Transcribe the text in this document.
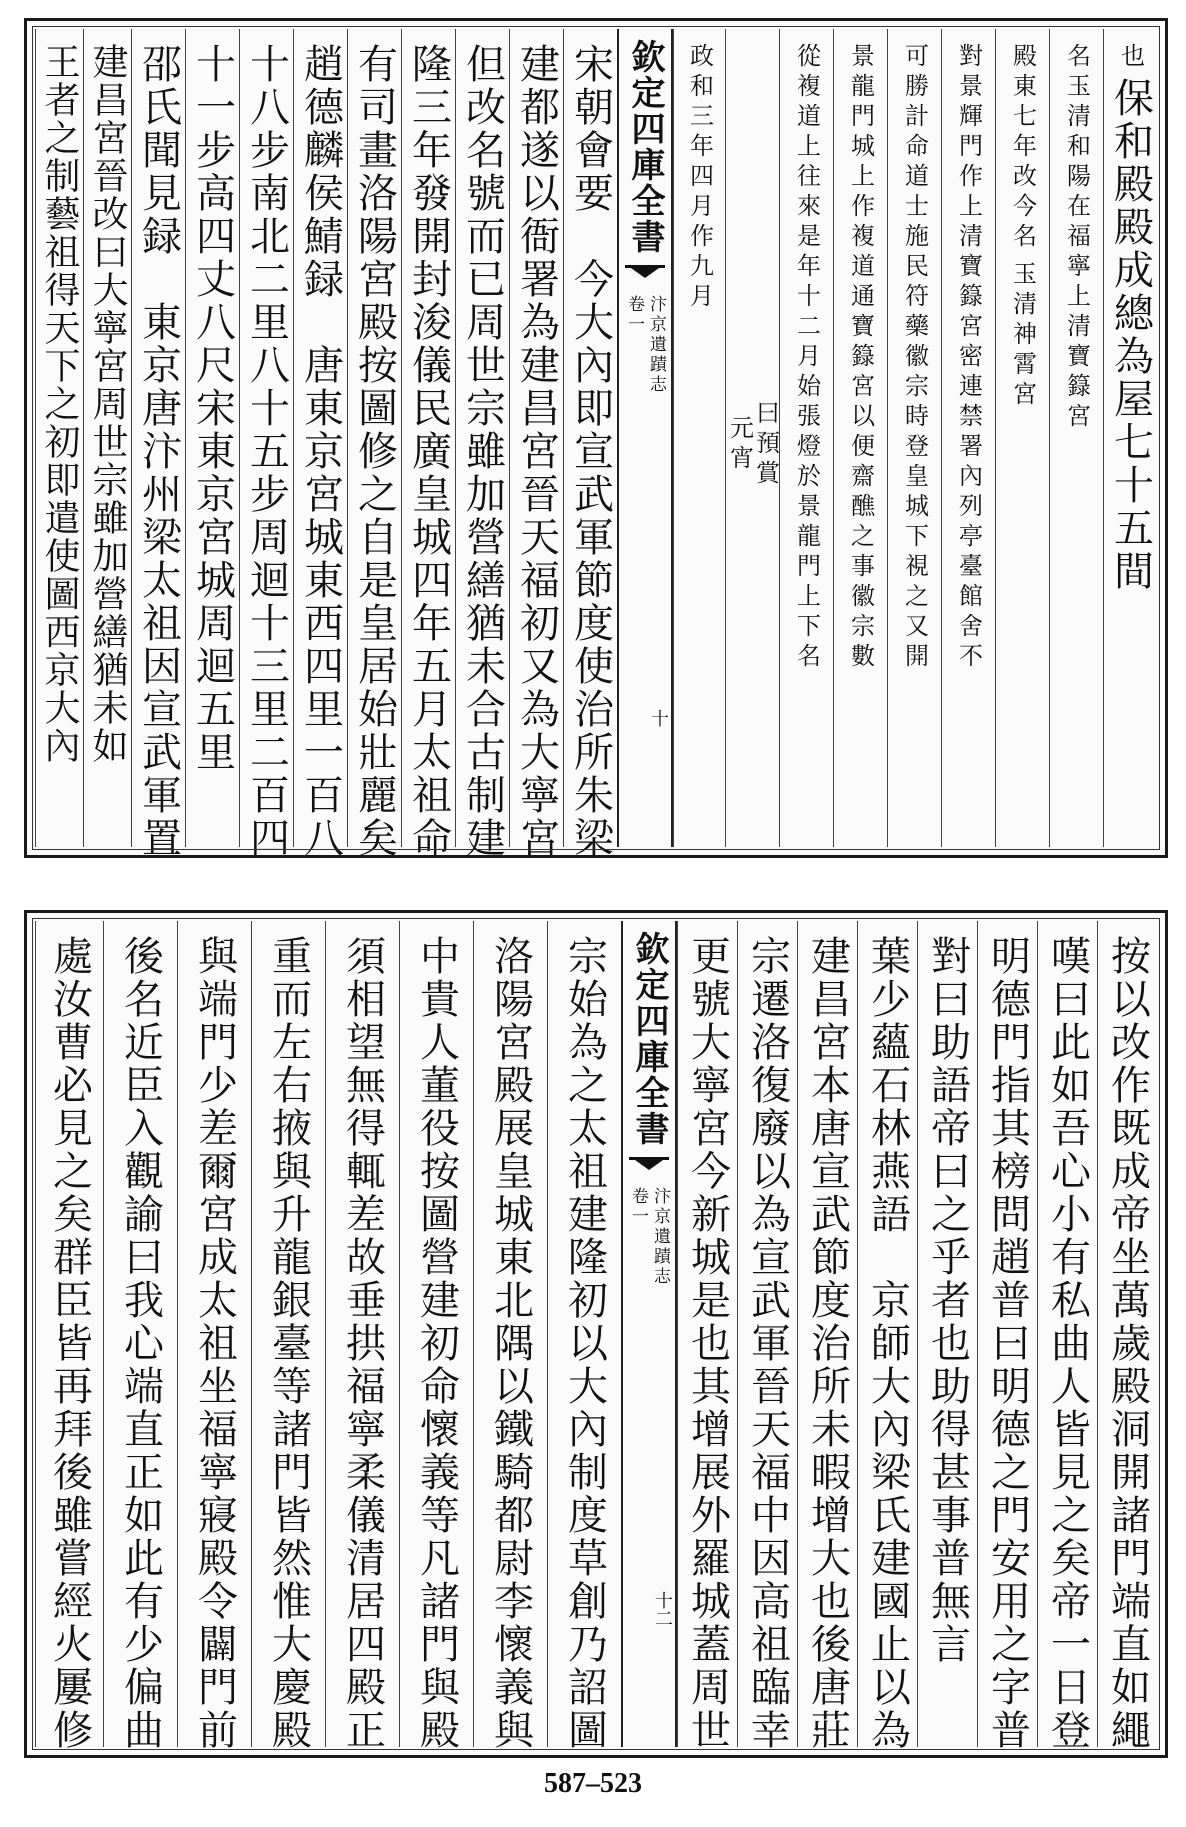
也
保和殿殿成總為屋七十五間
名玉清和陽在福寧上清寶籙宮
殿東七年改今名
玉清神霄宮
對景輝門作上清寶籙宮密連禁署內列亭臺館舍不
可勝計命道士施民符藥徽宗時登皇城下視之又開
景龍門城上作複道通寶籙宮以便齋醮之事徽宗數
從複道上往來是年十二月始張燈於景龍門上下名
曰預賞
元宵
政和三年四月作九月
欽定四庫全書
汴京遺蹟志
卷一
十
宋朝會要　今大內即宣武軍節度使治所朱梁
建都遂以衙署為建昌宮晉天福初又為大寧宮
但改名號而已周世宗雖加營繕猶未合古制建
隆三年發開封浚儀民廣皇城四年五月太祖命
有司畫洛陽宮殿按圖修之自是皇居始壯麗矣
趙德麟侯鯖録　唐東京宮城東西四里一百八
十八步南北二里八十五步周迴十三里二百四
十一步高四丈八尺宋東京宮城周迴五里
邵氏聞見録　東京唐汴州梁太祖因宣武軍置
建昌宮晉改曰大寧宮周世宗雖加營繕猶未如
王者之制藝祖得天下之初即遣使圖西京大內
按以改作既成帝坐萬歲殿洞開諸門端直如繩
嘆曰此如吾心小有私曲人皆見之矣帝一日登
明德門指其榜問趙普曰明德之門安用之字普
對曰助語帝曰之乎者也助得甚事普無言
葉少蘊石林燕語　京師大內梁氏建國止以為
建昌宮本唐宣武節度治所未暇增大也後唐莊
宗遷洛復廢以為宣武軍晉天福中因高祖臨幸
更號大寧宮今新城是也其增展外羅城蓋周世
欽定四庫全書
汴京遺蹟志
卷一
十二
宗始為之太祖建隆初以大內制度草創乃詔圖
洛陽宮殿展皇城東北隅以鐵騎都尉李懷義與
中貴人董役按圖營建初命懷義等凡諸門與殿
須相望無得輒差故垂拱福寧柔儀清居四殿正
重而左右掖與升龍銀臺等諸門皆然惟大慶殿
與端門少差爾宮成太祖坐福寧寢殿令闢門前
後名近臣入觀諭曰我心端直正如此有少偏曲
處汝曹必見之矣群臣皆再拜後雖嘗經火屢修
587–523
